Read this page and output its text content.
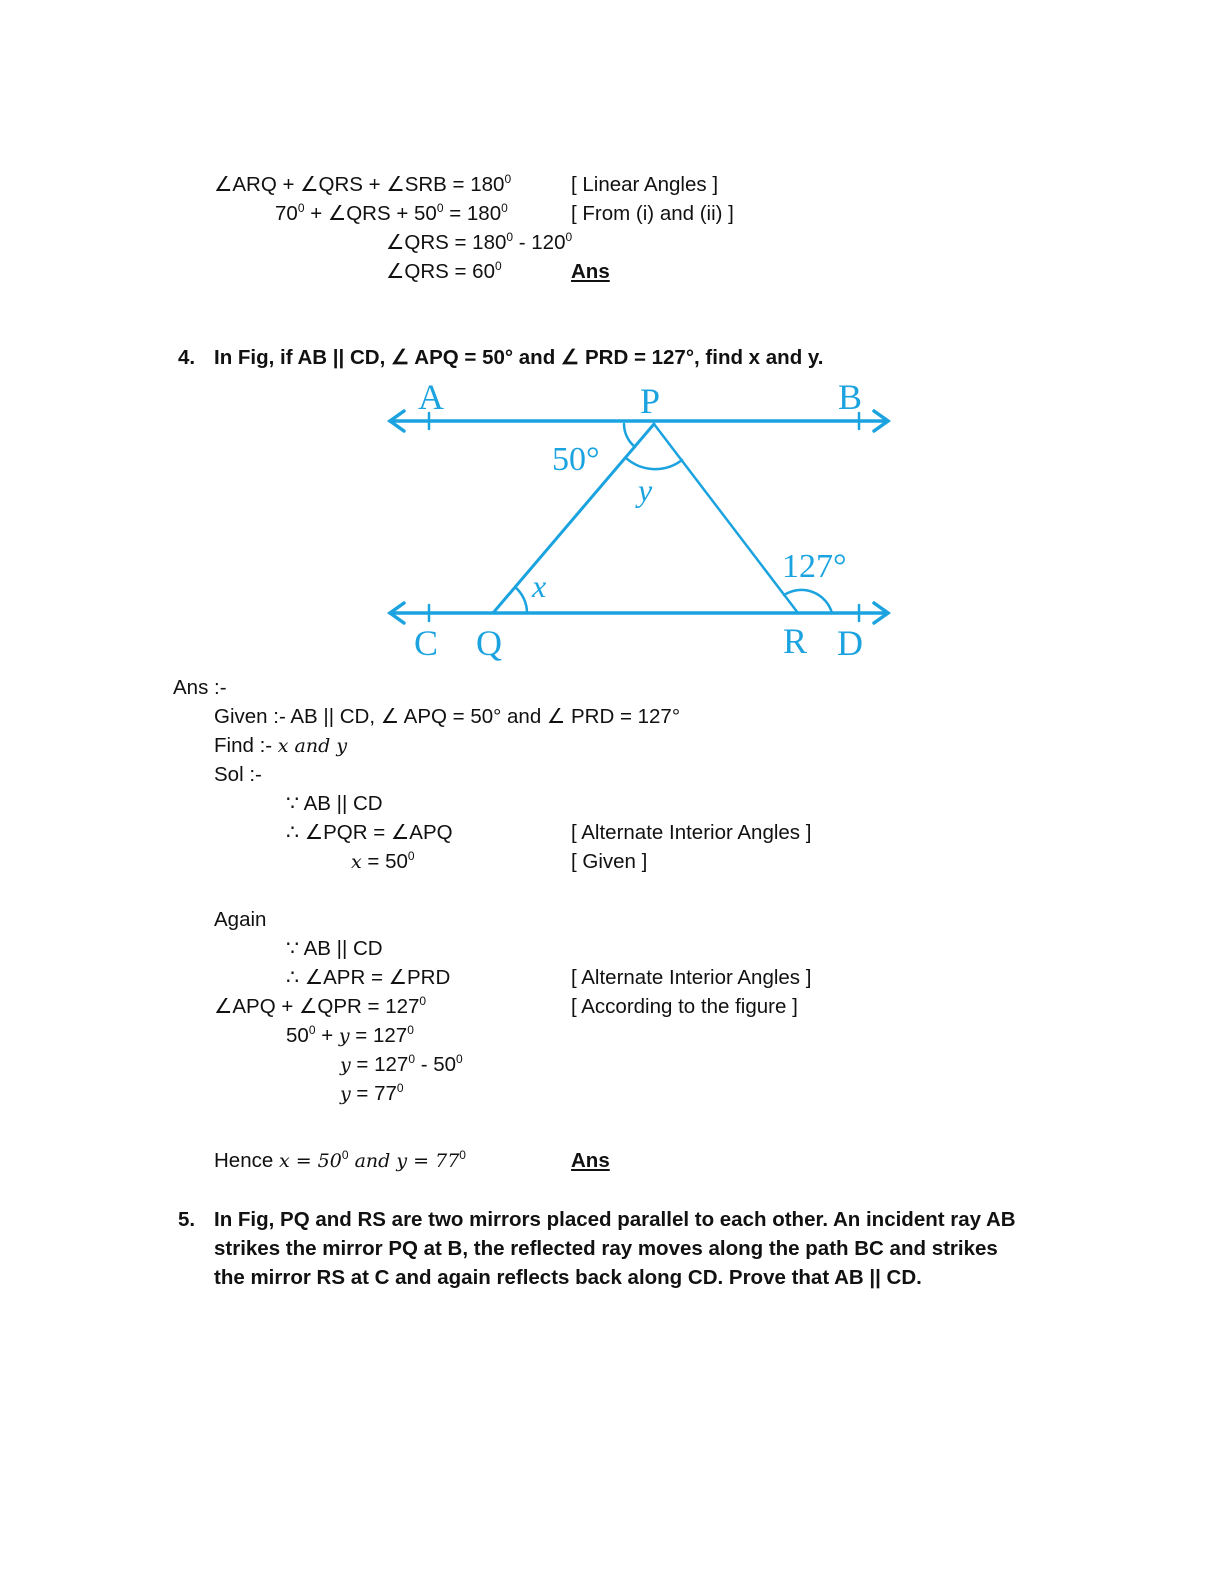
∠ARQ + ∠QRS + ∠SRB = $180^0$	[ Linear Angles ]
$70^0$ + ∠QRS + $50^0 = 180^0$	[ From (i) and (ii) ]
∠QRS = $180^0 - 120^0$
∠QRS = $60^0$	Ans
4. In Fig, if AB || CD, ∠ APQ = 50° and ∠ PRD = 127°, find x and y.
A	P	B
C Q	R D
50°
127°
y
x
Ans :-
Given :- AB || CD, ∠ APQ = 50° and ∠ PRD = 127°
Find :- x and y
Sol :-
∵ AB || CD
∴ ∠PQR = ∠APQ	[ Alternate Interior Angles ]
$x = 50^0$	[ Given ]
Again
∵ AB || CD
∴ ∠APR = ∠PRD	[ Alternate Interior Angles ]
∠APQ + ∠QPR = $127^0$	[ According to the figure ]
$50^0 + y = 127^0$
$y = 127^0 - 50^0$
$y = 77^0$
Hence $x = 50^0$ and $y = 77^0$	Ans
5. In Fig, PQ and RS are two mirrors placed parallel to each other. An incident ray AB
strikes the mirror PQ at B, the reflected ray moves along the path BC and strikes
the mirror RS at C and again reflects back along CD. Prove that AB || CD.
